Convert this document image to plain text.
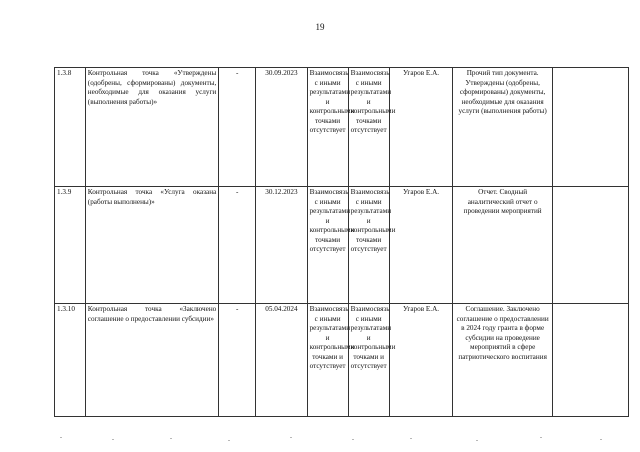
19
1.3.8	Контрольная точка «Утверждены (одобрены, сформированы) документы, необходимые для оказания услуги (выполнения работы)»	-	30.09.2023	Взаимосвязь с иными результатами и контрольными точками отсутствует	Взаимосвязь с иными результатами и контрольными точками отсутствует	Угаров Е.А.	Прочий тип документа. Утверждены (одобрены, сформированы) документы, необходимые для оказания услуги (выполнения работы)	
1.3.9	Контрольная точка «Услуга оказана (работы выполнены)»	-	30.12.2023	Взаимосвязь с иными результатами и контрольными точками отсутствует	Взаимосвязь с иными результатами и контрольными точками отсутствует	Угаров Е.А.	Отчет. Сводный аналитический отчет о проведении мероприятий	
1.3.10	Контрольная точка «Заключено соглашение о предоставлении субсидии»	-	05.04.2024	Взаимосвязь с иными результатами и контрольными точками и отсутствует	Взаимосвязь с иными результатами и контрольными точками и отсутствует	Угаров Е.А.	Соглашение. Заключено соглашение о предоставлении в 2024 году гранта в форме субсидии на проведение мероприятий в сфере патриотического воспитания	
